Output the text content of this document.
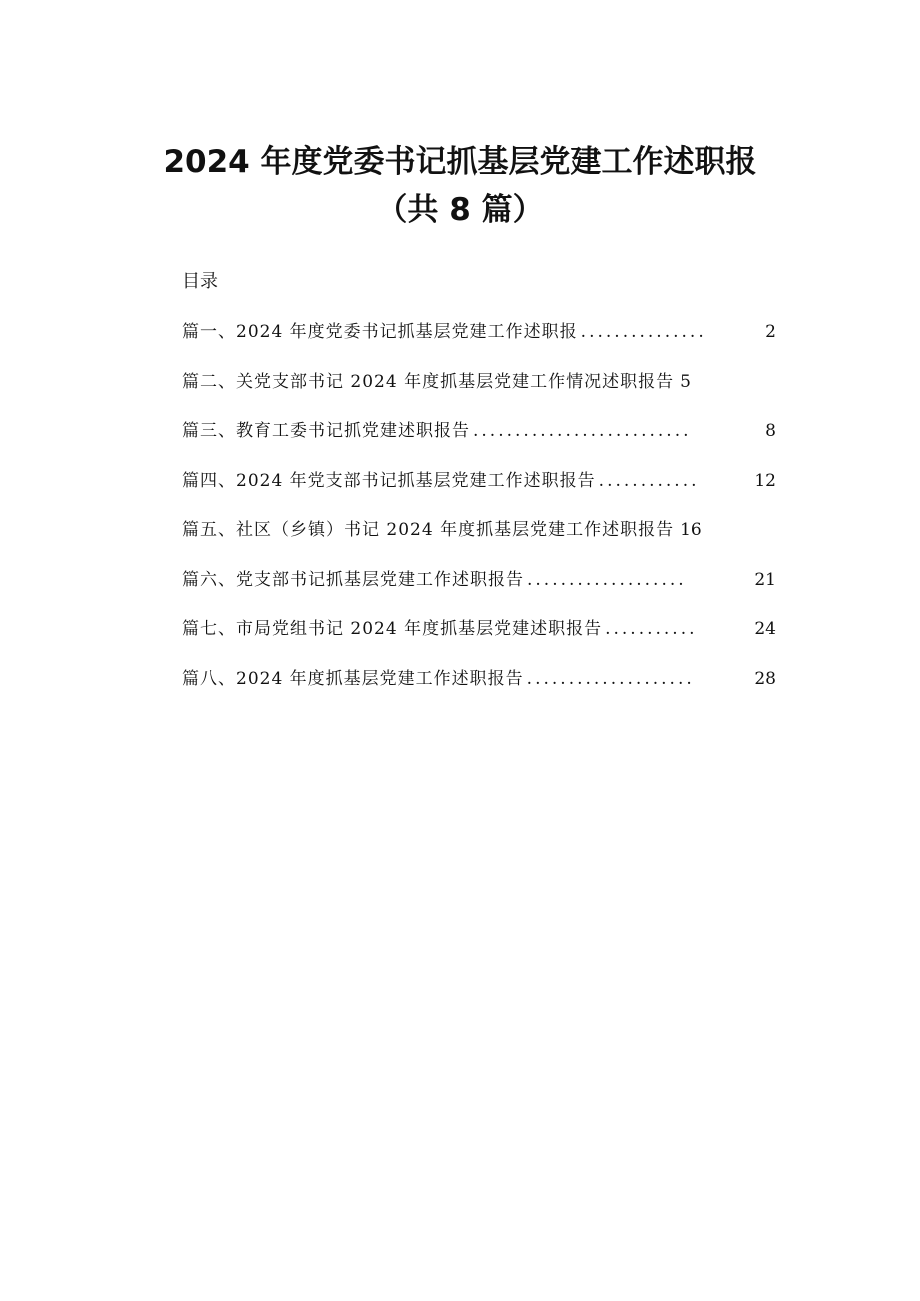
2024 年度党委书记抓基层党建工作述职报
（共 8 篇）
目录
篇一、2024 年度党委书记抓基层党建工作述职报 ...............	2
篇二、关党支部书记 2024 年度抓基层党建工作情况述职报告 5
篇三、教育工委书记抓党建述职报告 ..........................	8
篇四、2024 年党支部书记抓基层党建工作述职报告 ............	12
篇五、社区（乡镇）书记 2024 年度抓基层党建工作述职报告 16
篇六、党支部书记抓基层党建工作述职报告 ...................	21
篇七、市局党组书记 2024 年度抓基层党建述职报告 ...........	24
篇八、2024 年度抓基层党建工作述职报告 ....................	28
